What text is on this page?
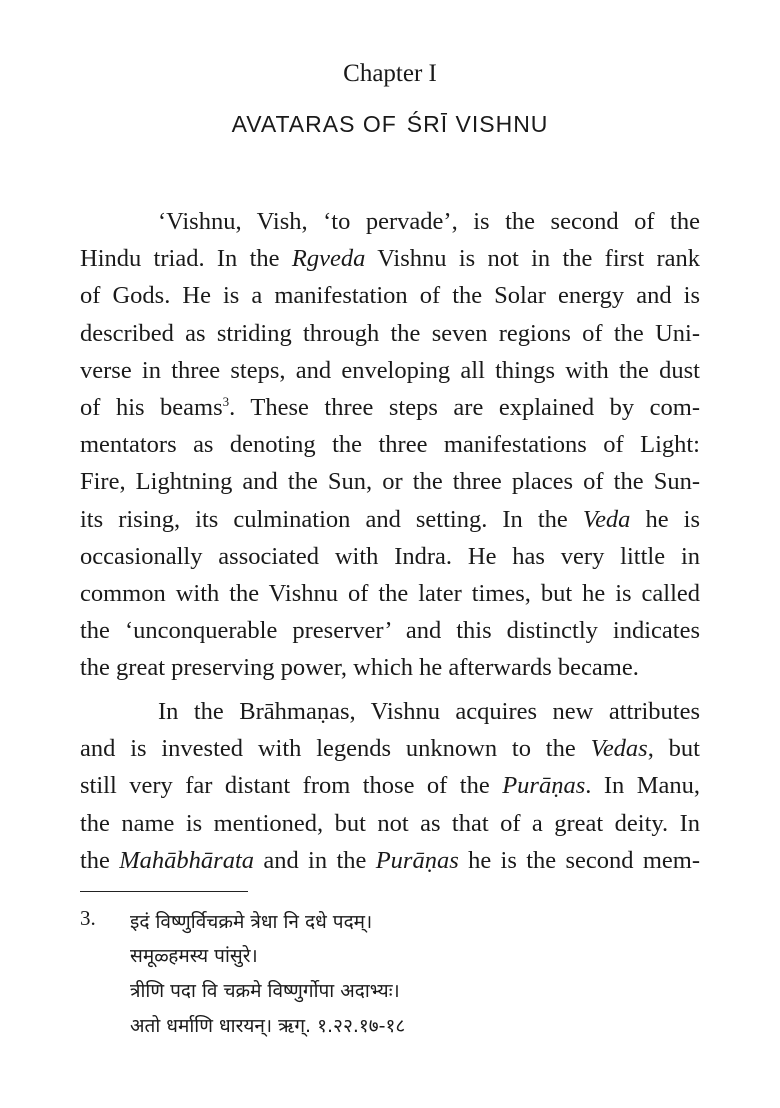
Chapter I
AVATARAS OF ŚRĪ VISHNU
‘Vishnu, Vish, ‘to pervade’, is the second of the
Hindu triad. In the Rgveda Vishnu is not in the first rank
of Gods. He is a manifestation of the Solar energy and is
described as striding through the seven regions of the Uni-
verse in three steps, and enveloping all things with the dust
of his beams$^3$. These three steps are explained by com-
mentators as denoting the three manifestations of Light:
Fire, Lightning and the Sun, or the three places of the Sun-
its rising, its culmination and setting. In the Veda he is
occasionally associated with Indra. He has very little in
common with the Vishnu of the later times, but he is called
the ‘unconquerable preserver’ and this distinctly indicates
the great preserving power, which he afterwards became.
In the Brāhmaṇas, Vishnu acquires new attributes
and is invested with legends unknown to the Vedas, but
still very far distant from those of the Purāṇas. In Manu,
the name is mentioned, but not as that of a great deity. In
the Mahābhārata and in the Purāṇas he is the second mem-
3. इदं विष्णुर्विचक्रमे त्रेधा नि दधे पदम्।
समूळ्हमस्य पांसुरे।
त्रीणि पदा वि चक्रमे विष्णुर्गोपा अदाभ्यः।
अतो धर्माणि धारयन्। ऋग्. १.२२.१७-१८
